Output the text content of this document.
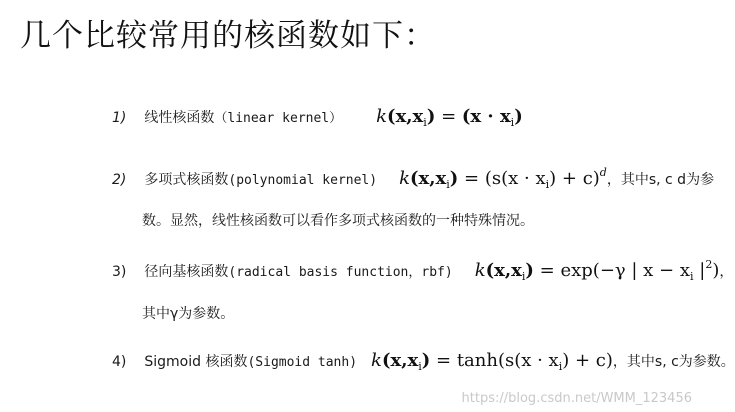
几个比较常用的核函数如下：
1) 线性核函数 （linear kernel） $k(x,x_i) = (x \cdot x_i)$
2) 多项式核函数 (polynomial kernel) $k(x,x_i) = (s(x \cdot x_i) + c)^d$ ，其中s, c d为参
数。显然，线性核函数可以看作多项式核函数的一种特殊情况。
3) 径向基核函数 (radical basis function，rbf) $k(x,x_i) = \exp(-\gamma$ | $x - x_i$ $|^2$) ，
其中γ为参数。
4) Sigmoid 核函数 (Sigmoid tanh) $k(x,x_i) = \tanh(s(x \cdot x_i) + c)$ ，其中s, c为参数。
https://blog.csdn.net/WMM_123456
